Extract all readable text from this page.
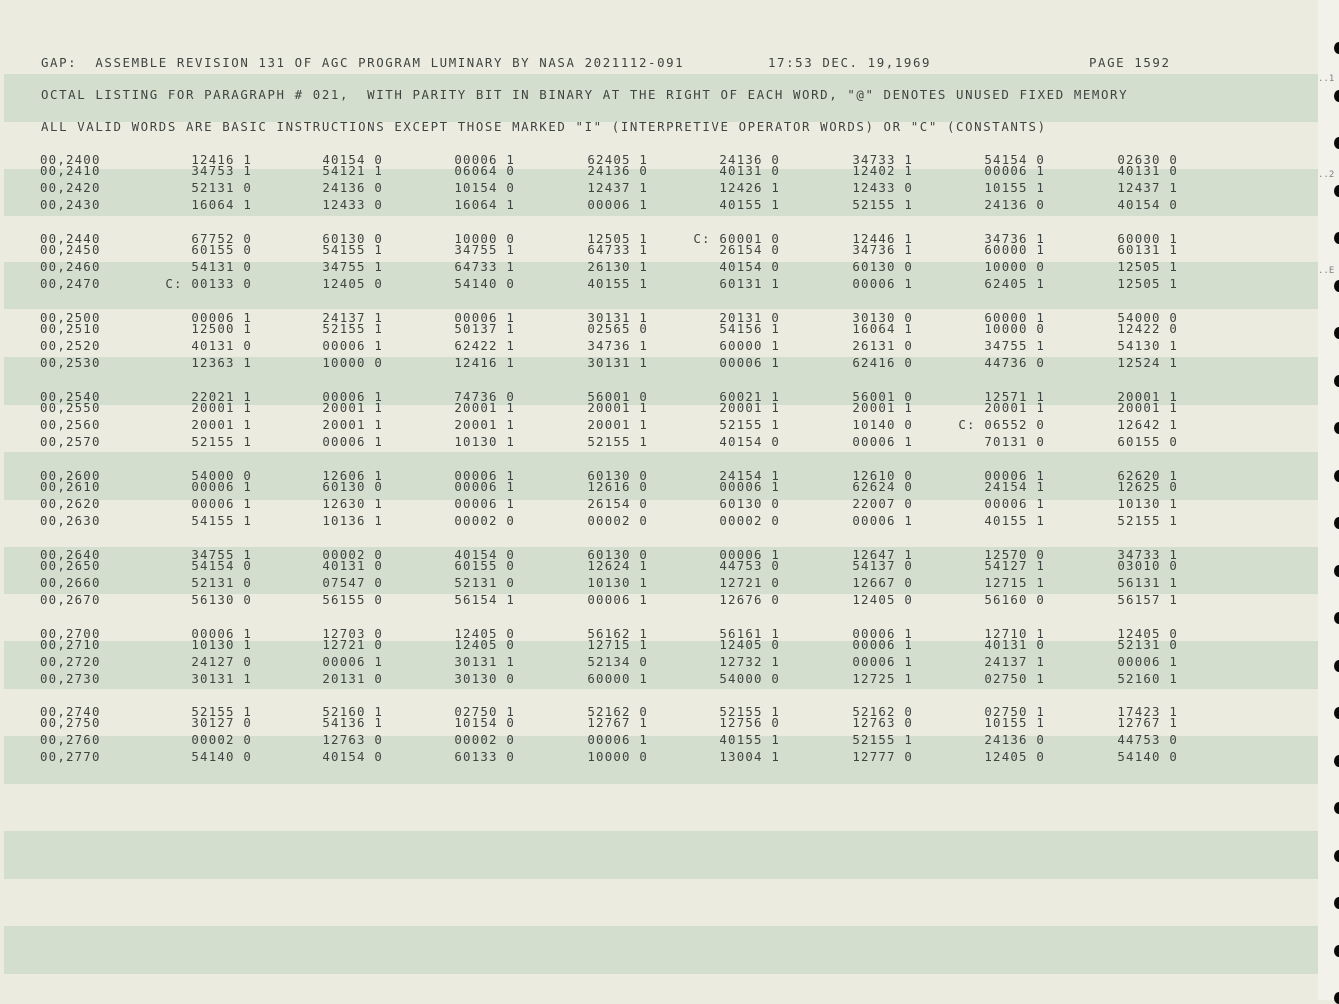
..1
..2
..E
GAP:  ASSEMBLE REVISION 131 OF AGC PROGRAM LUMINARY BY NASA 2021112-091	17:53 DEC. 19,1969	PAGE 1592
OCTAL LISTING FOR PARAGRAPH # 021,  WITH PARITY BIT IN BINARY AT THE RIGHT OF EACH WORD, "@" DENOTES UNUSED FIXED MEMORY
ALL VALID WORDS ARE BASIC INSTRUCTIONS EXCEPT THOSE MARKED "I" (INTERPRETIVE OPERATOR WORDS) OR "C" (CONSTANTS)
00,2400	12416 1	40154 0	00006 1	62405 1	24136 0	34733 1	54154 0	02630 0
00,2410	34753 1	54121 1	06064 0	24136 0	40131 0	12402 1	00006 1	40131 0
00,2420	52131 0	24136 0	10154 0	12437 1	12426 1	12433 0	10155 1	12437 1
00,2430	16064 1	12433 0	16064 1	00006 1	40155 1	52155 1	24136 0	40154 0
00,2440	67752 0	60130 0	10000 0	12505 1	C: 60001 0	12446 1	34736 1	60000 1
00,2450	60155 0	54155 1	34755 1	64733 1	26154 0	34736 1	60000 1	60131 1
00,2460	54131 0	34755 1	64733 1	26130 1	40154 0	60130 0	10000 0	12505 1
00,2470	C: 00133 0	12405 0	54140 0	40155 1	60131 1	00006 1	62405 1	12505 1
00,2500	00006 1	24137 1	00006 1	30131 1	20131 0	30130 0	60000 1	54000 0
00,2510	12500 1	52155 1	50137 1	02565 0	54156 1	16064 1	10000 0	12422 0
00,2520	40131 0	00006 1	62422 1	34736 1	60000 1	26131 0	34755 1	54130 1
00,2530	12363 1	10000 0	12416 1	30131 1	00006 1	62416 0	44736 0	12524 1
00,2540	22021 1	00006 1	74736 0	56001 0	60021 1	56001 0	12571 1	20001 1
00,2550	20001 1	20001 1	20001 1	20001 1	20001 1	20001 1	20001 1	20001 1
00,2560	20001 1	20001 1	20001 1	20001 1	52155 1	10140 0	C: 06552 0	12642 1
00,2570	52155 1	00006 1	10130 1	52155 1	40154 0	00006 1	70131 0	60155 0
00,2600	54000 0	12606 1	00006 1	60130 0	24154 1	12610 0	00006 1	62620 1
00,2610	00006 1	60130 0	00006 1	12616 0	00006 1	62624 0	24154 1	12625 0
00,2620	00006 1	12630 1	00006 1	26154 0	60130 0	22007 0	00006 1	10130 1
00,2630	54155 1	10136 1	00002 0	00002 0	00002 0	00006 1	40155 1	52155 1
00,2640	34755 1	00002 0	40154 0	60130 0	00006 1	12647 1	12570 0	34733 1
00,2650	54154 0	40131 0	60155 0	12624 1	44753 0	54137 0	54127 1	03010 0
00,2660	52131 0	07547 0	52131 0	10130 1	12721 0	12667 0	12715 1	56131 1
00,2670	56130 0	56155 0	56154 1	00006 1	12676 0	12405 0	56160 0	56157 1
00,2700	00006 1	12703 0	12405 0	56162 1	56161 1	00006 1	12710 1	12405 0
00,2710	10130 1	12721 0	12405 0	12715 1	12405 0	00006 1	40131 0	52131 0
00,2720	24127 0	00006 1	30131 1	52134 0	12732 1	00006 1	24137 1	00006 1
00,2730	30131 1	20131 0	30130 0	60000 1	54000 0	12725 1	02750 1	52160 1
00,2740	52155 1	52160 1	02750 1	52162 0	52155 1	52162 0	02750 1	17423 1
00,2750	30127 0	54136 1	10154 0	12767 1	12756 0	12763 0	10155 1	12767 1
00,2760	00002 0	12763 0	00002 0	00006 1	40155 1	52155 1	24136 0	44753 0
00,2770	54140 0	40154 0	60133 0	10000 0	13004 1	12777 0	12405 0	54140 0
